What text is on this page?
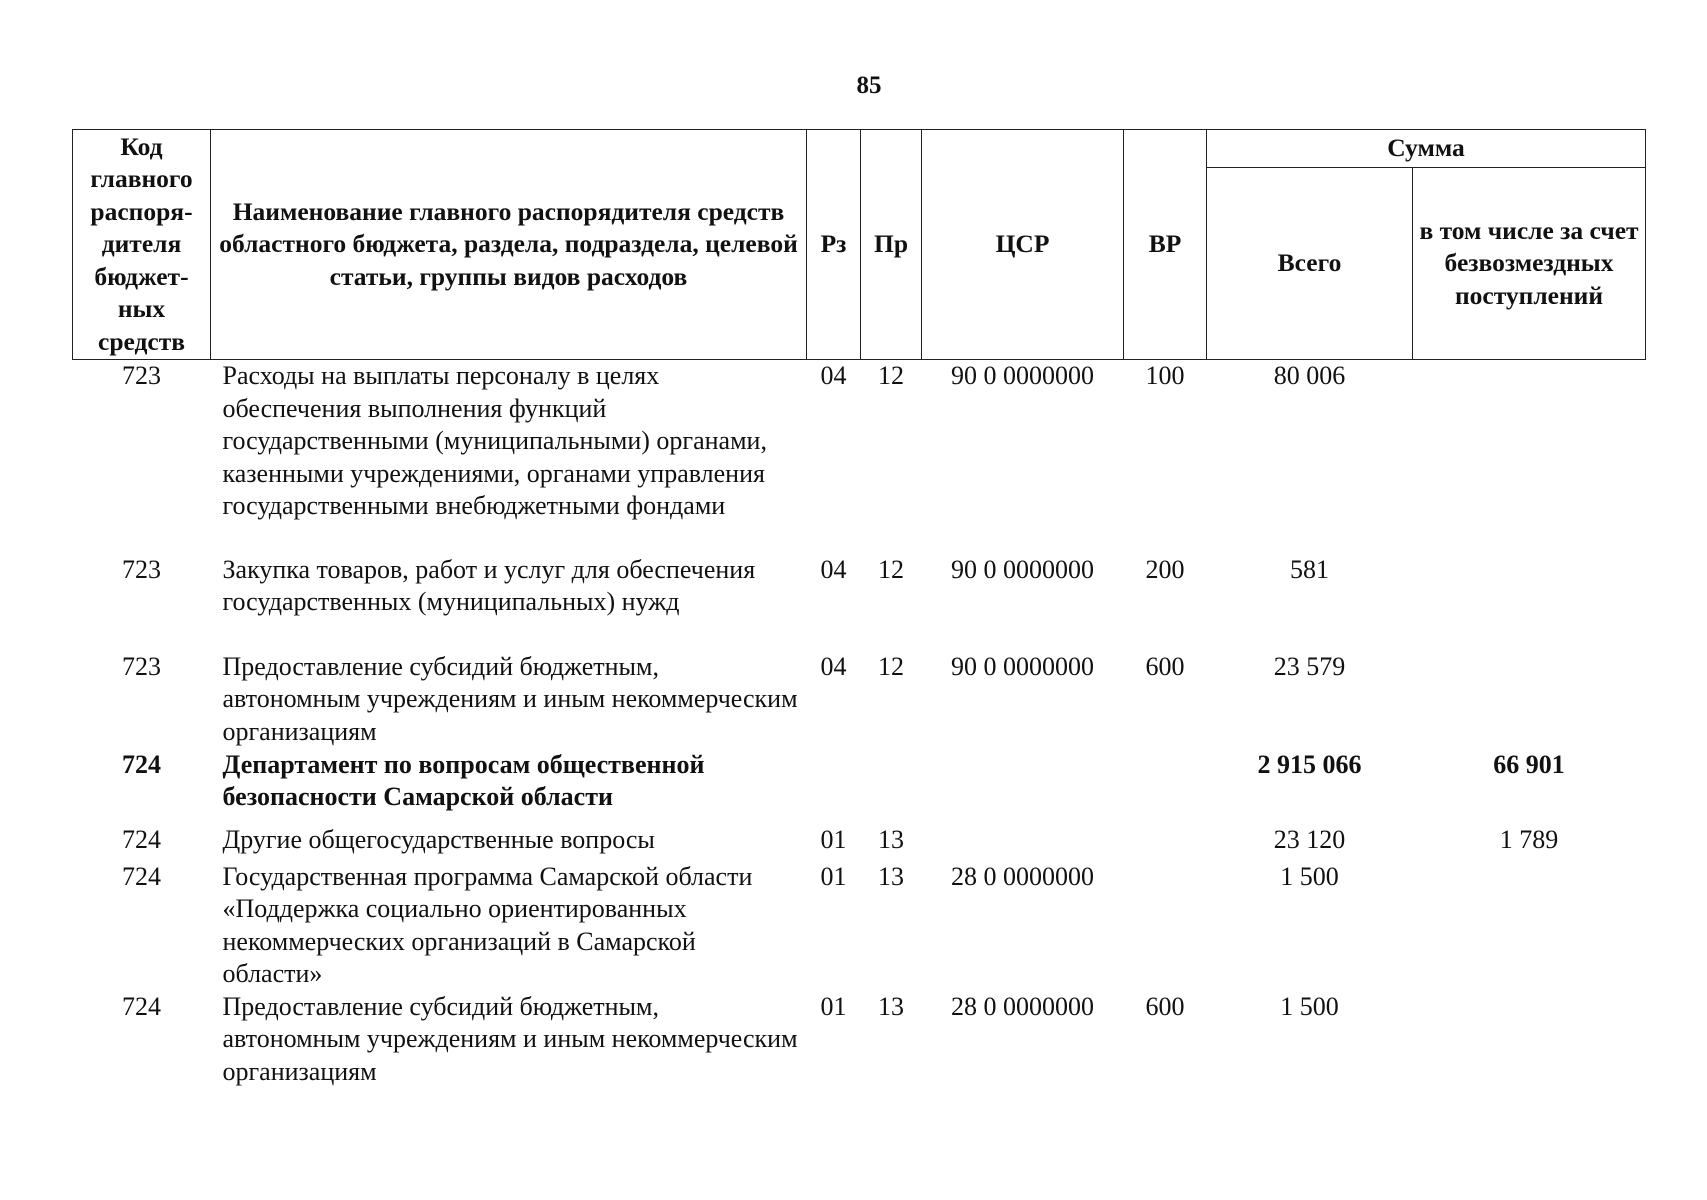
85
Код главного распоря-дителя бюджет-ных средств	Наименование главного распорядителя средств областного бюджета, раздела, подраздела, целевой статьи, группы видов расходов	Рз	Пр	ЦСР	ВР	Сумма	
						Всего	в том числе за счет безвозмездных поступлений
723	Расходы на выплаты персоналу в целях обеспечения выполнения функций государственными (муниципальными) органами, казенными учреждениями, органами управления государственными внебюджетными фондами	04	12	90 0 0000000	100	80 006	
723	Закупка товаров, работ и услуг для обеспечения государственных (муниципальных) нужд	04	12	90 0 0000000	200	581	
723	Предоставление субсидий бюджетным, автономным учреждениям и иным некоммерческим организациям	04	12	90 0 0000000	600	23 579	
724	Департамент по вопросам общественной безопасности Самарской области					2 915 066	66 901
724	Другие общегосударственные вопросы	01	13			23 120	1 789
724	Государственная программа Самарской области «Поддержка социально ориентированных некоммерческих организаций в Самарской области»	01	13	28 0 0000000		1 500	
724	Предоставление субсидий бюджетным, автономным учреждениям и иным некоммерческим организациям	01	13	28 0 0000000	600	1 500	
